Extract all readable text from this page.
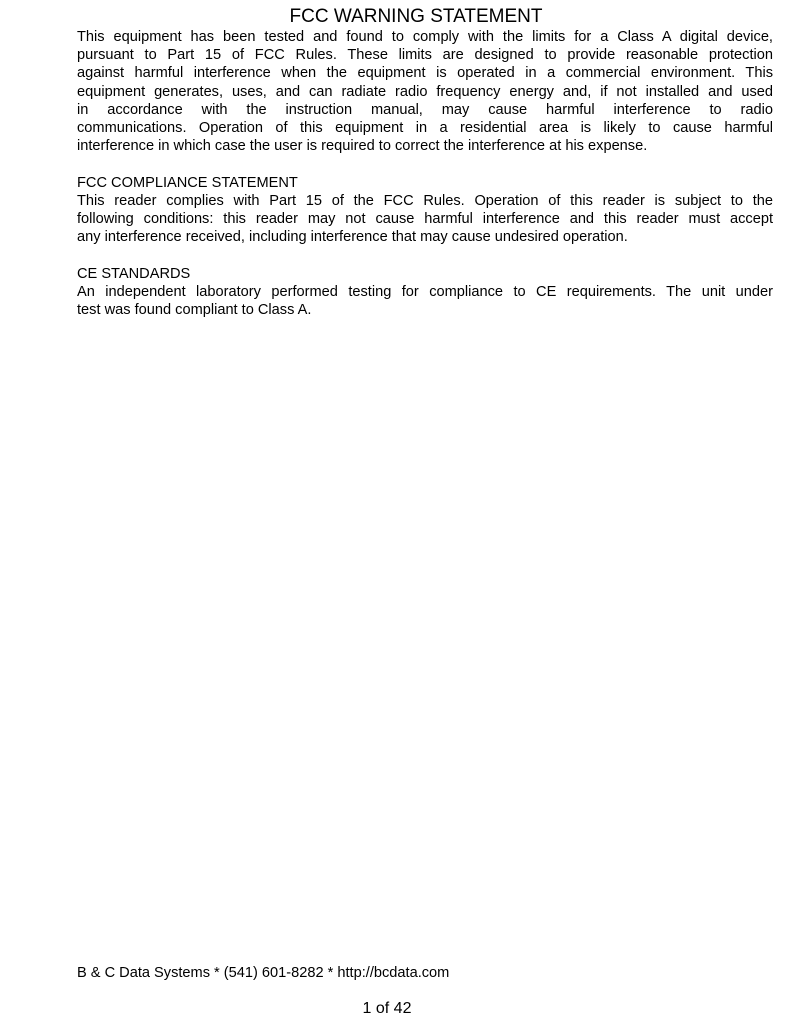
FCC WARNING STATEMENT

This equipment has been tested and found to comply with the limits for a Class A digital device,

pursuant to Part 15 of FCC Rules. These limits are designed to provide reasonable protection

against harmful interference when the equipment is operated in a commercial environment. This

equipment generates, uses, and can radiate radio frequency energy and, if not installed and used

in accordance with the instruction manual, may cause harmful interference to radio

communications. Operation of this equipment in a residential area is likely to cause harmful

interference in which case the user is required to correct the interference at his expense.

FCC COMPLIANCE STATEMENT

This reader complies with Part 15 of the FCC Rules. Operation of this reader is subject to the

following conditions: this reader may not cause harmful interference and this reader must accept

any interference received, including interference that may cause undesired operation.

CE STANDARDS

An independent laboratory performed testing for compliance to CE requirements. The unit under

test was found compliant to Class A.

B & C Data Systems * (541) 601-8282 * http://bcdata.com
1 of 42
